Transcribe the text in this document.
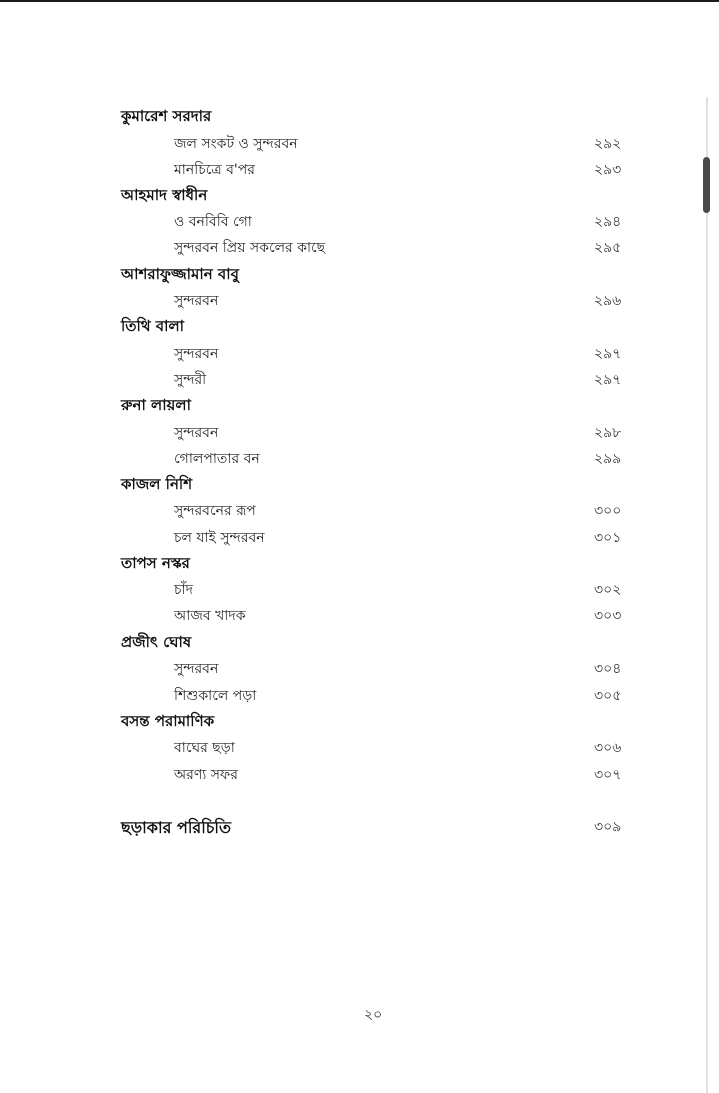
কুমারেশ সরদার
জল সংকট ও সুন্দরবন	২৯২
মানচিত্রে ব'পর	২৯৩
আহমাদ স্বাধীন
ও বনবিবি গো	২৯৪
সুন্দরবন প্রিয় সকলের কাছে	২৯৫
আশরাফুজ্জামান বাবু
সুন্দরবন	২৯৬
তিথি বালা
সুন্দরবন	২৯৭
সুন্দরী	২৯৭
রুনা লায়লা
সুন্দরবন	২৯৮
গোলপাতার বন	২৯৯
কাজল নিশি
সুন্দরবনের রূপ	৩০০
চল যাই সুন্দরবন	৩০১
তাপস নস্কর
চাঁদ	৩০২
আজব খাদক	৩০৩
প্রজীৎ ঘোষ
সুন্দরবন	৩০৪
শিশুকালে পড়া	৩০৫
বসন্ত পরামাণিক
বাঘের ছড়া	৩০৬
অরণ্য সফর	৩০৭
ছড়াকার পরিচিতি	৩০৯
২০
